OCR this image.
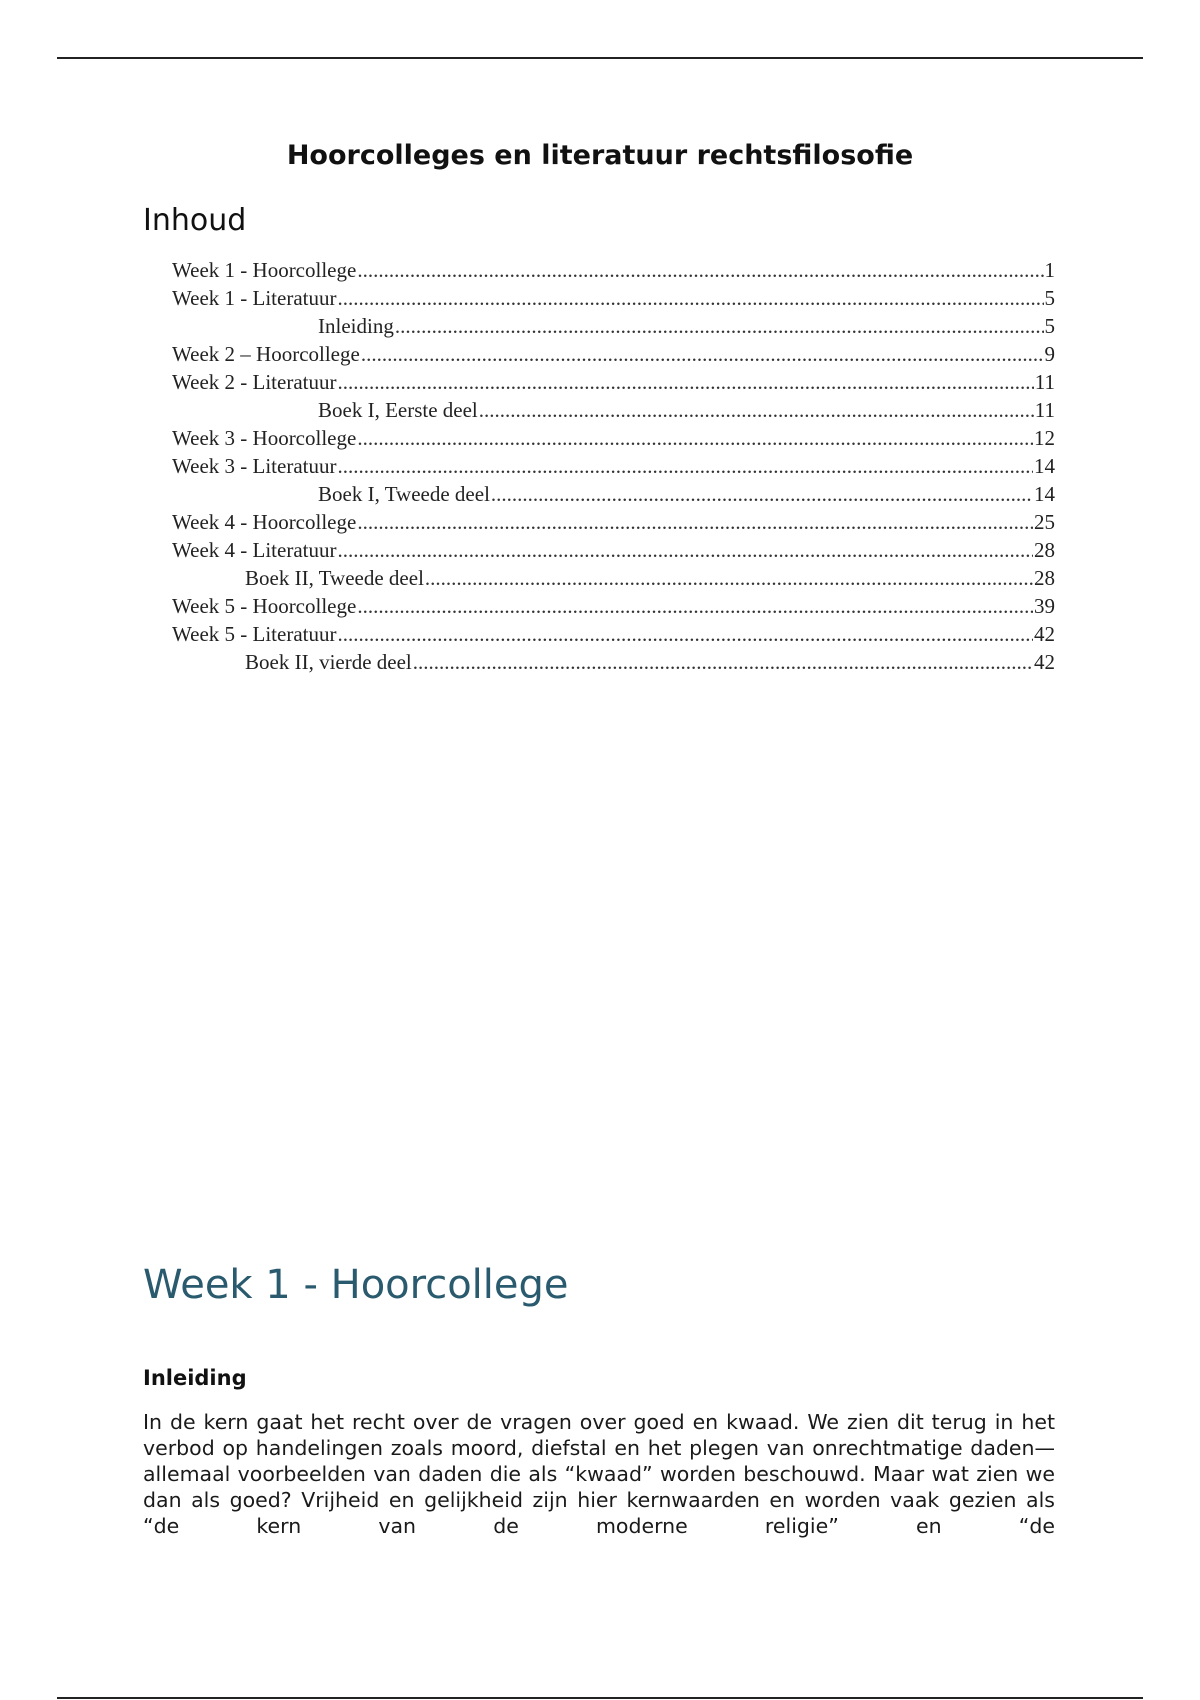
Hoorcolleges en literatuur rechtsfilosofie
Inhoud
Week 1 - Hoorcollege .....	1
Week 1 - Literatuur .....	5
Inleiding .....	5
Week 2 – Hoorcollege .....	9
Week 2 - Literatuur .....	11
Boek I, Eerste deel .....	11
Week 3 - Hoorcollege .....	12
Week 3 - Literatuur .....	14
Boek I, Tweede deel .....	14
Week 4 - Hoorcollege .....	25
Week 4 - Literatuur .....	28
Boek II, Tweede deel .....	28
Week 5 - Hoorcollege .....	39
Week 5 - Literatuur .....	42
Boek II, vierde deel .....	42
Week 1 - Hoorcollege
Inleiding

In de kern gaat het recht over de vragen over goed en kwaad. We zien dit terug in het verbod op handelingen zoals moord, diefstal en het plegen van onrechtmatige daden—allemaal voorbeelden van daden die als “kwaad” worden beschouwd. Maar wat zien we dan als goed? Vrijheid en gelijkheid zijn hier kernwaarden en worden vaak gezien als “de kern van de moderne religie” en “de
